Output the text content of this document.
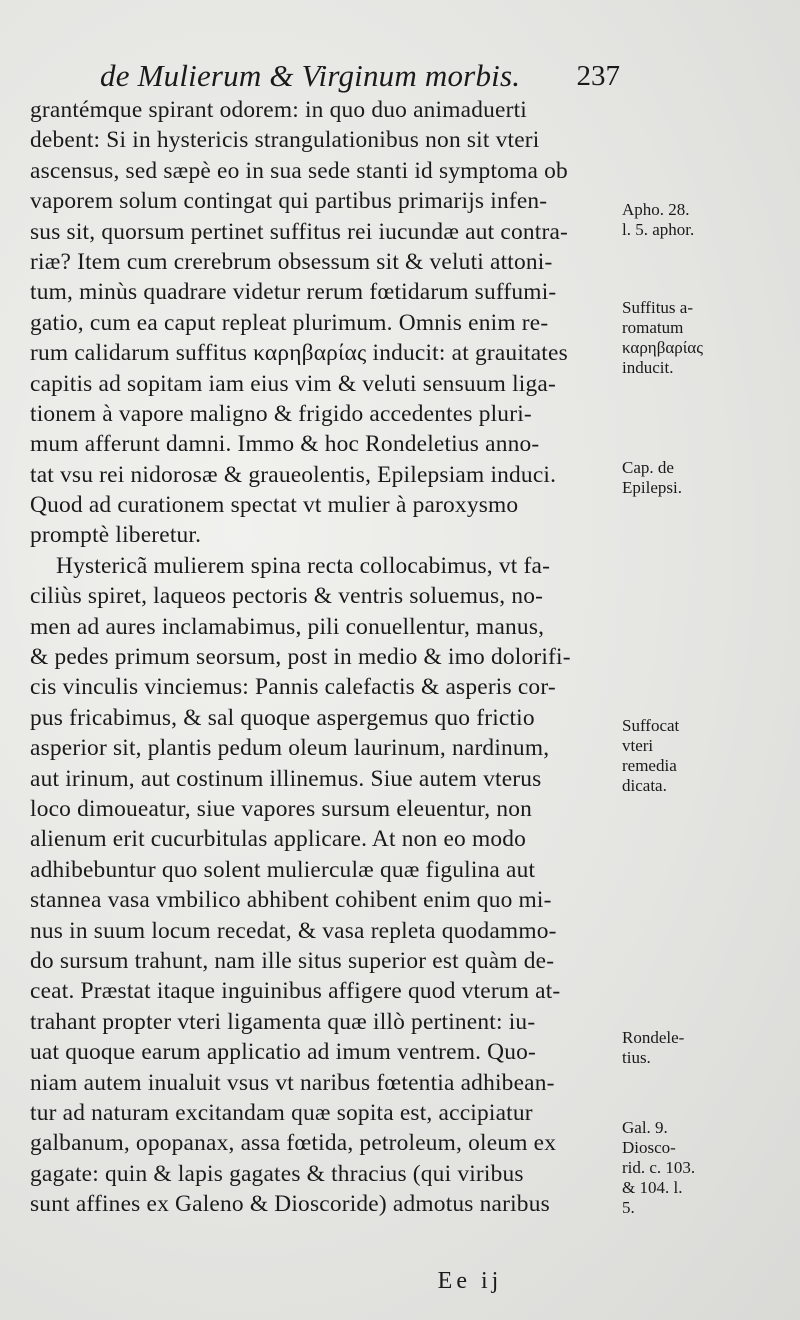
de Mulierum & Virginum morbis. 237
grantémque spirant odorem: in quo duo animaduerti
debent: Si in hystericis strangulationibus non sit vteri
ascensus, sed sæpè eo in sua sede stanti id symptoma ob
vaporem solum contingat qui partibus primarijs infen-
sus sit, quorsum pertinet suffitus rei iucundæ aut contra-
riæ? Item cum crerebrum obsessum sit & veluti attoni-
tum, minùs quadrare videtur rerum fœtidarum suffumi-
gatio, cum ea caput repleat plurimum. Omnis enim re-
rum calidarum suffitus καρηβαρίας inducit: at grauitates
capitis ad sopitam iam eius vim & veluti sensuum liga-
tionem à vapore maligno & frigido accedentes pluri-
mum afferunt damni. Immo & hoc Rondeletius anno-
tat vsu rei nidorosæ & graueolentis, Epilepsiam induci.
Quod ad curationem spectat vt mulier à paroxysmo
promptè liberetur.
Hystericã mulierem spina recta collocabimus, vt fa-
ciliùs spiret, laqueos pectoris & ventris soluemus, no-
men ad aures inclamabimus, pili conuellentur, manus,
& pedes primum seorsum, post in medio & imo dolorifi-
cis vinculis vinciemus: Pannis calefactis & asperis cor-
pus fricabimus, & sal quoque aspergemus quo frictio
asperior sit, plantis pedum oleum laurinum, nardinum,
aut irinum, aut costinum illinemus. Siue autem vterus
loco dimoueatur, siue vapores sursum eleuentur, non
alienum erit cucurbitulas applicare. At non eo modo
adhibebuntur quo solent mulierculæ quæ figulina aut
stannea vasa vmbilico abhibent cohibent enim quo mi-
nus in suum locum recedat, & vasa repleta quodammo-
do sursum trahunt, nam ille situs superior est quàm de-
ceat. Præstat itaque inguinibus affigere quod vterum at-
trahant propter vteri ligamenta quæ illò pertinent: iu-
uat quoque earum applicatio ad imum ventrem. Quo-
niam autem inualuit vsus vt naribus fœtentia adhibean-
tur ad naturam excitandam quæ sopita est, accipiatur
galbanum, opopanax, assa fœtida, petroleum, oleum ex
gagate: quin & lapis gagates & thracius (qui viribus
sunt affines ex Galeno & Dioscoride) admotus naribus
Apho. 28.
l. 5. aphor.
Suffitus a-
romatum
καρηβαρίας
inducit.
Cap. de
Epilepsi.
Suffocat
vteri
remedia
dicata.
Rondele-
tius.
Gal. 9.
Diosco-
rid. c. 103.
& 104. l.
5.
Ee ij
